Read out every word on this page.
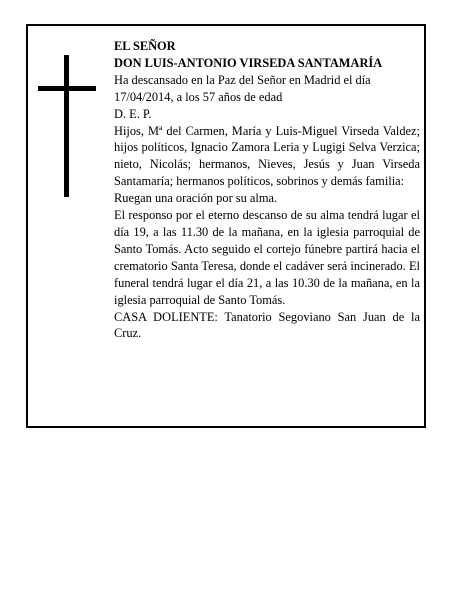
EL SEÑOR

DON LUIS-ANTONIO VIRSEDA SANTAMARÍA

Ha descansado en la Paz del Señor en Madrid el día 17/04/2014, a los 57 años de edad

D. E. P.

Hijos, Mª del Carmen, María y Luis-Miguel Virseda Valdez; hijos políticos, Ignacio Zamora Leria y Lugigi Selva Verzica; nieto, Nicolás; hermanos, Nieves, Jesús y Juan Virseda Santamaría; hermanos políticos, sobrinos y demás familia:

Ruegan una oración por su alma.

El responso por el eterno descanso de su alma tendrá lugar el día 19, a las 11.30 de la mañana, en la iglesia parroquial de Santo Tomás. Acto seguido el cortejo fúnebre partirá hacia el crematorio Santa Teresa, donde el cadáver será incinerado. El funeral tendrá lugar el día 21, a las 10.30 de la mañana, en la iglesia parroquial de Santo Tomás.

CASA DOLIENTE: Tanatorio Segoviano San Juan de la Cruz.
